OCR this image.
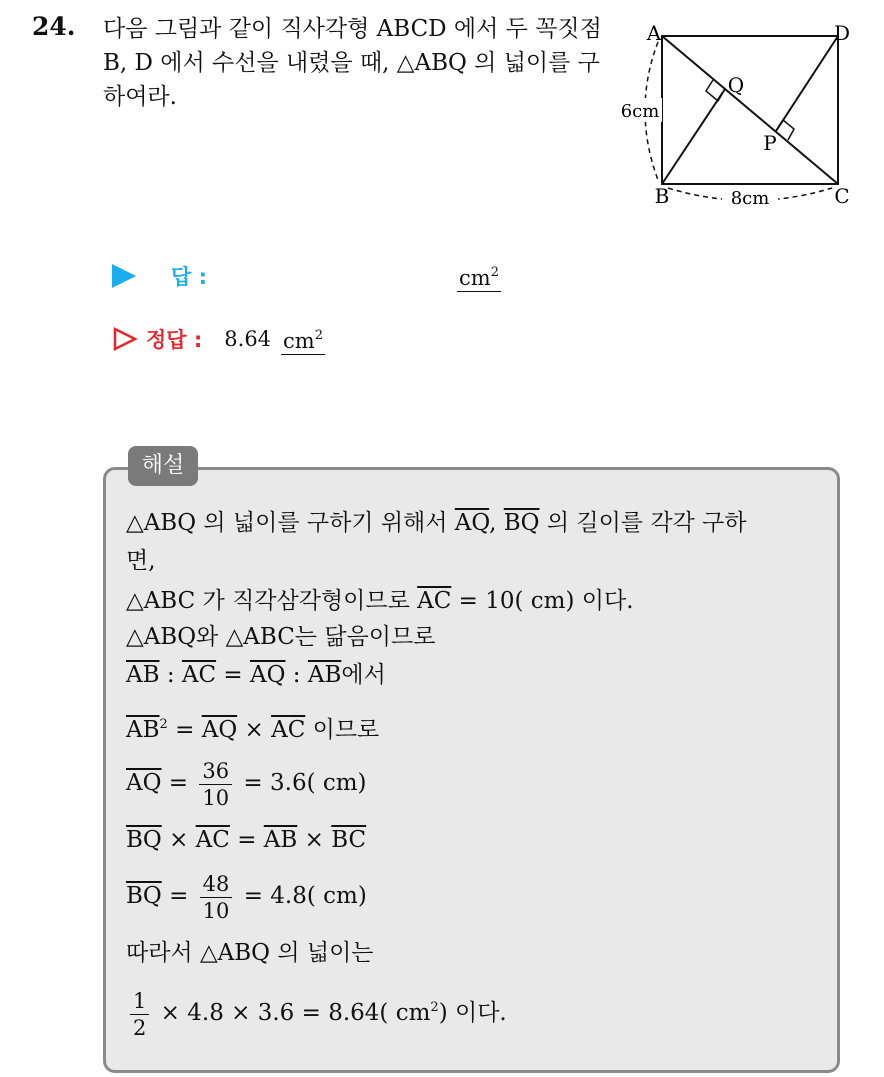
24. 다음 그림과 같이 직사각형 ABCD 에서 두 꼭짓점 B, D 에서 수선을 내렸을 때, △ABQ 의 넓이를 구하여라.
A	D
B	C
Q
P
6cm
8cm
답 :	$cm^2$
정답 : 8.64 $cm^2$
해설
△ABQ 의 넓이를 구하기 위해서 $\overline{AQ}$, $\overline{BQ}$ 의 길이를 각각 구하
면,
△ABC 가 직각삼각형이므로 $\overline{AC} = 10$( cm) 이다.
△ABQ와 △ABC는 닮음이므로
$\overline{AB}$ : $\overline{AC} = \overline{AQ}$ : $\overline{AB}$에서
$\overline{AB}^2 = \overline{AQ} \times \overline{AC}$ 이므로
$\overline{AQ} = \frac{36}{10} = 3.6$( cm)
$\overline{BQ} \times \overline{AC} = \overline{AB} \times \overline{BC}$
$\overline{BQ} = \frac{48}{10} = 4.8$( cm)
따라서 △ABQ 의 넓이는
$\frac{1}{2} \times 4.8 \times 3.6 = 8.64$( $cm^2$) 이다.
